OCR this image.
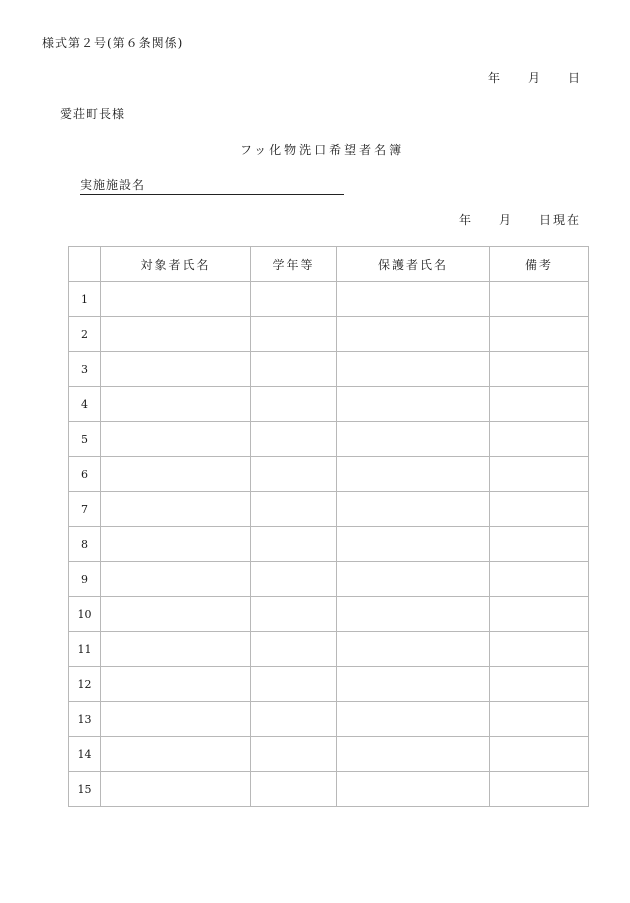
様式第２号(第６条関係)
年 月 日
愛荘町長様
フッ化物洗口希望者名簿
実施施設名
年 月 日現在
	対象者氏名	学年等	保護者氏名	備考
1				
2				
3				
4				
5				
6				
7				
8				
9				
10				
11				
12				
13				
14				
15				
